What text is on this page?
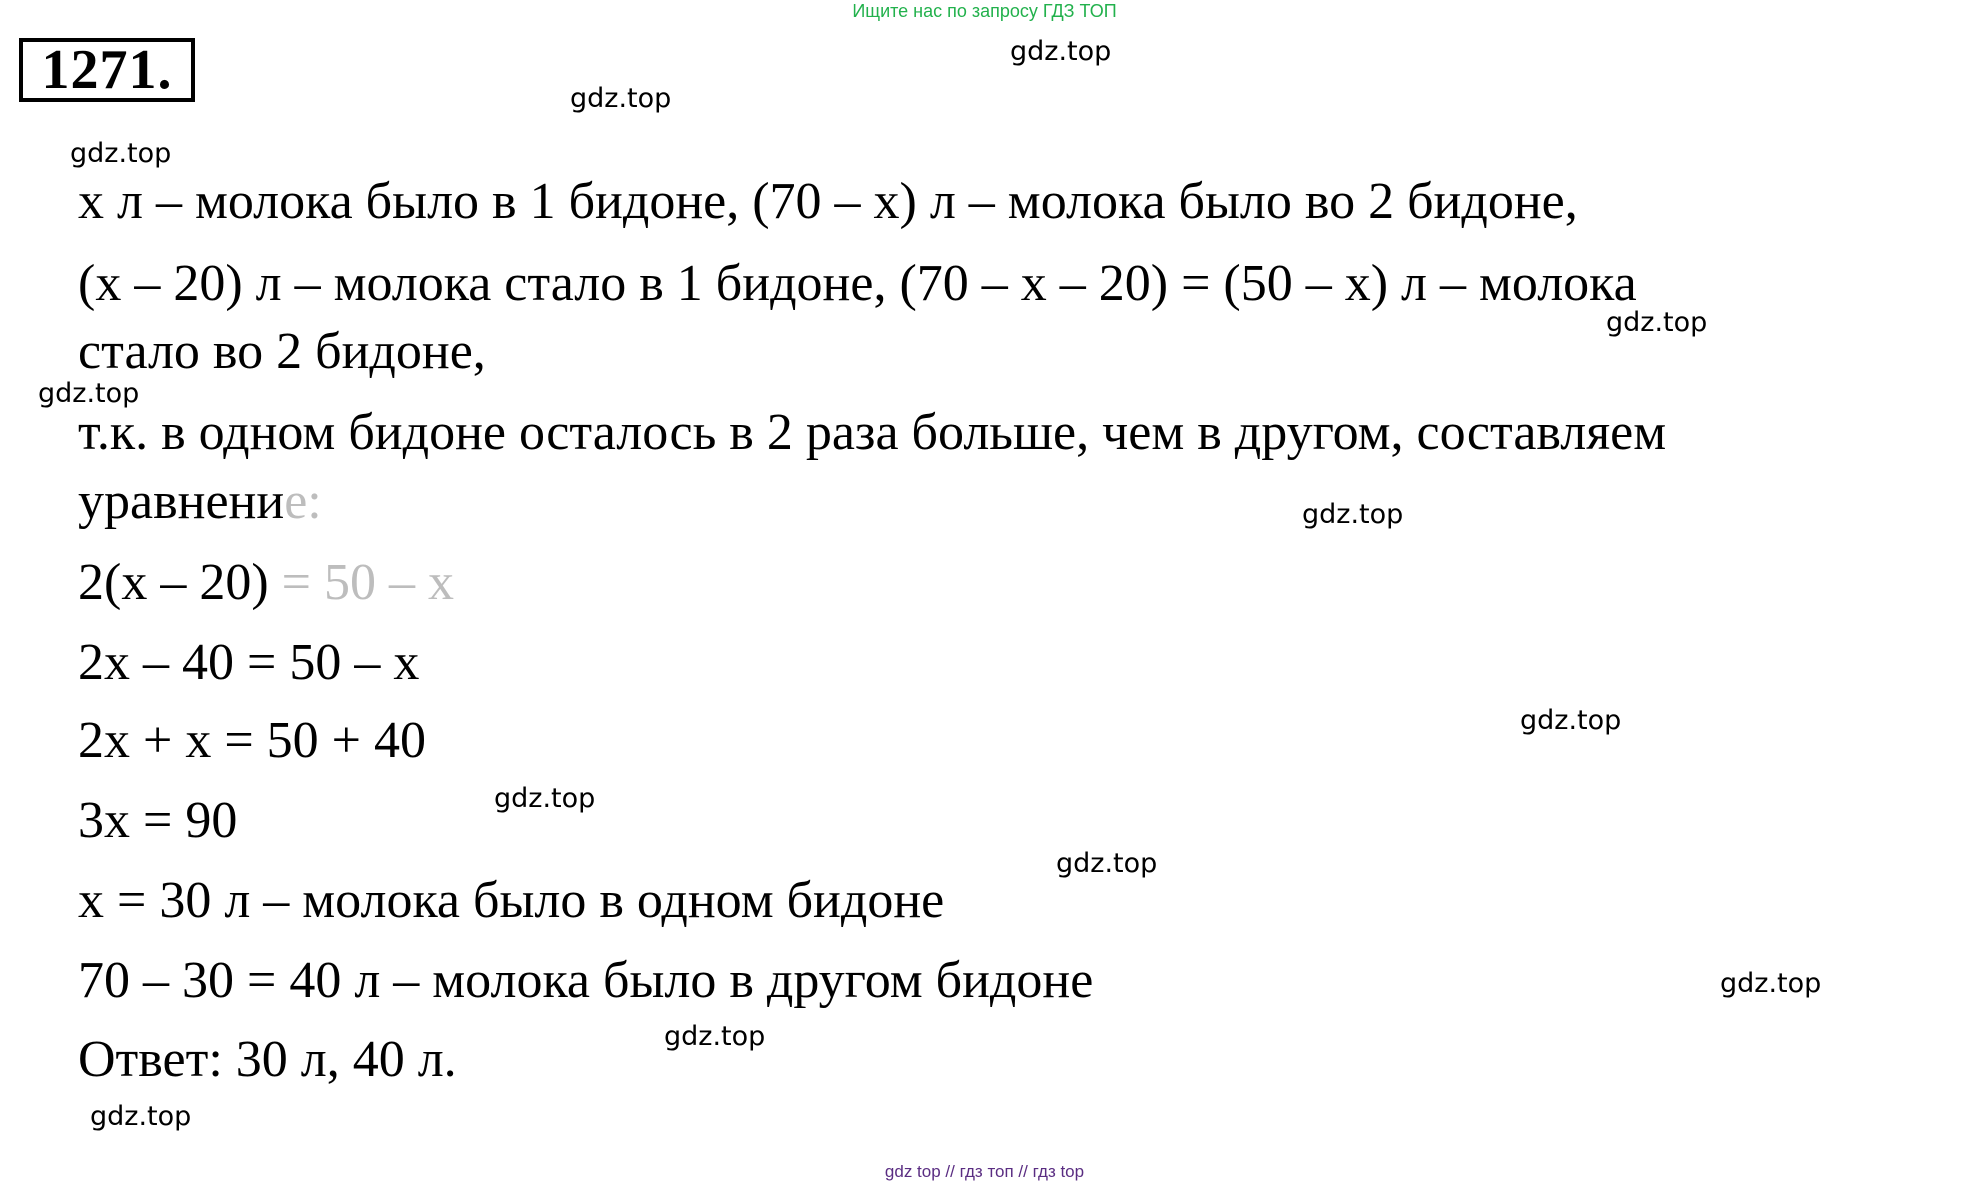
Ищите нас по запросу ГДЗ ТОП
1271.	gdz.top
gdz.top
gdz.top
gdz.top
gdz.top
gdz.top
gdz.top
gdz.top
gdz.top
gdz.top
gdz.top
gdz.top
x л – молока было в 1 бидоне, (70 – x) л – молока было во 2 бидоне,
(x – 20) л – молока стало в 1 бидоне, (70 – x – 20) = (50 – x) л – молока
стало во 2 бидоне,
т.к. в одном бидоне осталось в 2 раза больше, чем в другом, составляем
уравнение:
2(x – 20) = 50 – x
2x – 40 = 50 – x
2x + x = 50 + 40
3x = 90
x = 30 л – молока было в одном бидоне
70 – 30 = 40 л – молока было в другом бидоне
Ответ: 30 л, 40 л.
gdz top // гдз топ // гдз top
